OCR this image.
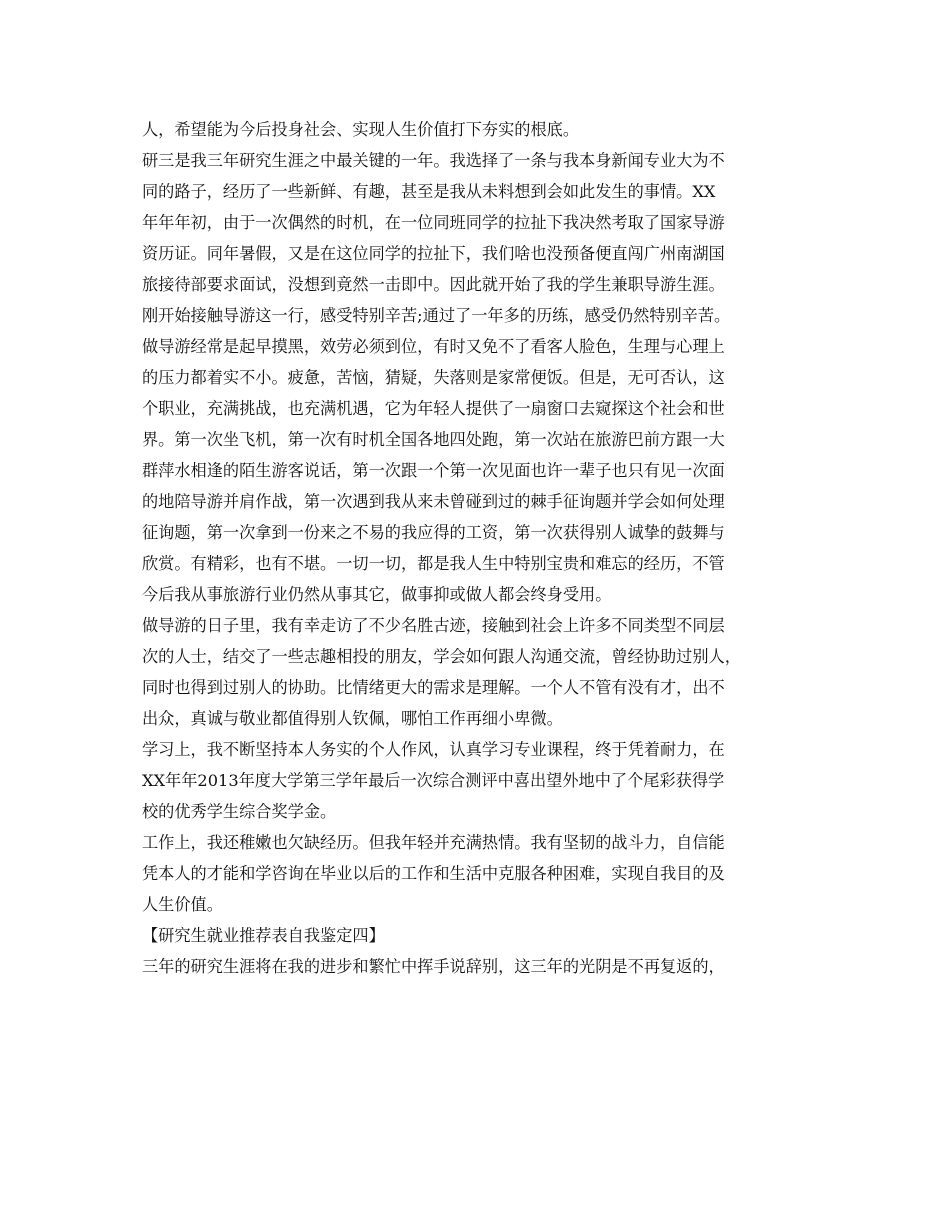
人，希望能为今后投身社会、实现人生价值打下夯实的根底。
研三是我三年研究生涯之中最关键的一年。我选择了一条与我本身新闻专业大为不
同的路子，经历了一些新鲜、有趣，甚至是我从未料想到会如此发生的事情。XX
年年年初，由于一次偶然的时机，在一位同班同学的拉扯下我决然考取了国家导游
资历证。同年暑假，又是在这位同学的拉扯下，我们啥也没预备便直闯广州南湖国
旅接待部要求面试，没想到竟然一击即中。因此就开始了我的学生兼职导游生涯。
刚开始接触导游这一行，感受特别辛苦;通过了一年多的历练，感受仍然特别辛苦。
做导游经常是起早摸黑，效劳必须到位，有时又免不了看客人脸色，生理与心理上
的压力都着实不小。疲惫，苦恼，猜疑，失落则是家常便饭。但是，无可否认，这
个职业，充满挑战，也充满机遇，它为年轻人提供了一扇窗口去窥探这个社会和世
界。第一次坐飞机，第一次有时机全国各地四处跑，第一次站在旅游巴前方跟一大
群萍水相逢的陌生游客说话，第一次跟一个第一次见面也许一辈子也只有见一次面
的地陪导游并肩作战，第一次遇到我从来未曾碰到过的棘手征询题并学会如何处理
征询题，第一次拿到一份来之不易的我应得的工资，第一次获得别人诚挚的鼓舞与
欣赏。有精彩，也有不堪。一切一切，都是我人生中特别宝贵和难忘的经历，不管
今后我从事旅游行业仍然从事其它，做事抑或做人都会终身受用。
做导游的日子里，我有幸走访了不少名胜古迹，接触到社会上许多不同类型不同层
次的人士，结交了一些志趣相投的朋友，学会如何跟人沟通交流，曾经协助过别人，
同时也得到过别人的协助。比情绪更大的需求是理解。一个人不管有没有才，出不
出众，真诚与敬业都值得别人钦佩，哪怕工作再细小卑微。
学习上，我不断坚持本人务实的个人作风，认真学习专业课程，终于凭着耐力，在
XX年年2013年度大学第三学年最后一次综合测评中喜出望外地中了个尾彩获得学
校的优秀学生综合奖学金。
工作上，我还稚嫩也欠缺经历。但我年轻并充满热情。我有坚韧的战斗力，自信能
凭本人的才能和学咨询在毕业以后的工作和生活中克服各种困难，实现自我目的及
人生价值。
【研究生就业推荐表自我鉴定四】
三年的研究生涯将在我的进步和繁忙中挥手说辞别，这三年的光阴是不再复返的，
